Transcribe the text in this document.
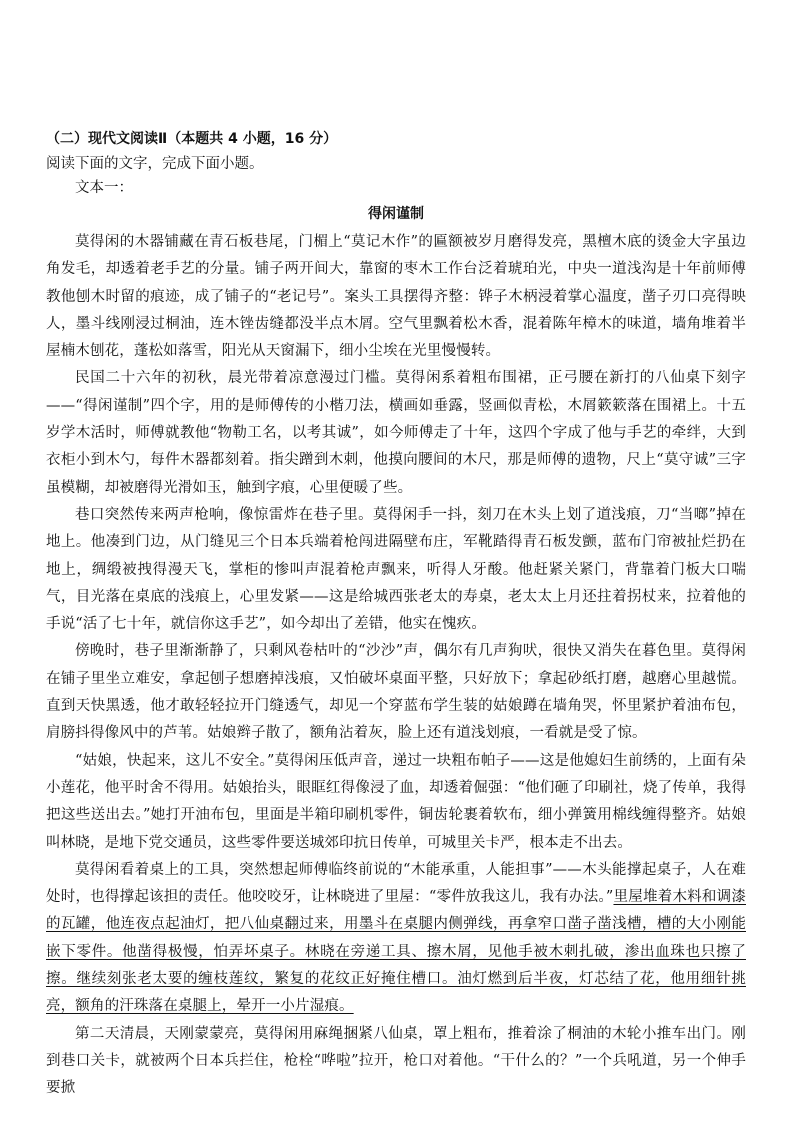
（二）现代文阅读Ⅱ（本题共 4 小题，16 分）

阅读下面的文字，完成下面小题。

文本一：

得闲谨制

莫得闲的木器铺藏在青石板巷尾，门楣上“莫记木作”的匾额被岁月磨得发亮，黑檀木底的烫金大字虽边角发毛，却透着老手艺的分量。铺子两开间大，靠窗的枣木工作台泛着琥珀光，中央一道浅沟是十年前师傅教他刨木时留的痕迹，成了铺子的“老记号”。案头工具摆得齐整：铧子木柄浸着掌心温度，凿子刃口亮得映人，墨斗线刚浸过桐油，连木锉齿缝都没半点木屑。空气里飘着松木香，混着陈年樟木的味道，墙角堆着半屋楠木刨花，蓬松如落雪，阳光从天窗漏下，细小尘埃在光里慢慢转。

民国二十六年的初秋，晨光带着凉意漫过门槛。莫得闲系着粗布围裙，正弓腰在新打的八仙桌下刻字——“得闲谨制”四个字，用的是师傅传的小楷刀法，横画如垂露，竖画似青松，木屑簌簌落在围裙上。十五岁学木活时，师傅就教他“物勒工名，以考其诚”，如今师傅走了十年，这四个字成了他与手艺的牵绊，大到衣柜小到木勺，每件木器都刻着。指尖蹭到木刺，他摸向腰间的木尺，那是师傅的遗物，尺上“莫守诚”三字虽模糊，却被磨得光滑如玉，触到字痕，心里便暖了些。

巷口突然传来两声枪响，像惊雷炸在巷子里。莫得闲手一抖，刻刀在木头上划了道浅痕，刀“当啷”掉在地上。他凑到门边，从门缝见三个日本兵端着枪闯进隔壁布庄，军靴踏得青石板发颤，蓝布门帘被扯烂扔在地上，绸缎被拽得漫天飞，掌柜的惨叫声混着枪声飘来，听得人牙酸。他赶紧关紧门，背靠着门板大口喘气，目光落在桌底的浅痕上，心里发紧——这是给城西张老太的寿桌，老太太上月还拄着拐杖来，拉着他的手说“活了七十年，就信你这手艺”，如今却出了差错，他实在愧疚。

傍晚时，巷子里渐渐静了，只剩风卷枯叶的“沙沙”声，偶尔有几声狗吠，很快又消失在暮色里。莫得闲在铺子里坐立难安，拿起刨子想磨掉浅痕，又怕破坏桌面平整，只好放下；拿起砂纸打磨，越磨心里越慌。直到天快黑透，他才敢轻轻拉开门缝透气，却见一个穿蓝布学生装的姑娘蹲在墙角哭，怀里紧护着油布包，肩膀抖得像风中的芦苇。姑娘辫子散了，额角沾着灰，脸上还有道浅划痕，一看就是受了惊。

“姑娘，快起来，这儿不安全。”莫得闲压低声音，递过一块粗布帕子——这是他媳妇生前绣的，上面有朵小莲花，他平时舍不得用。姑娘抬头，眼眶红得像浸了血，却透着倔强：“他们砸了印刷社，烧了传单，我得把这些送出去。”她打开油布包，里面是半箱印刷机零件，铜齿轮裹着软布，细小弹簧用棉线缠得整齐。姑娘叫林晓，是地下党交通员，这些零件要送城郊印抗日传单，可城里关卡严，根本走不出去。

莫得闲看着桌上的工具，突然想起师傅临终前说的“木能承重，人能担事”——木头能撑起桌子，人在难处时，也得撑起该担的责任。他咬咬牙，让林晓进了里屋：“零件放我这儿，我有办法。”里屋堆着木料和调漆的瓦罐，他连夜点起油灯，把八仙桌翻过来，用墨斗在桌腿内侧弹线，再拿窄口凿子凿浅槽，槽的大小刚能嵌下零件。他凿得极慢，怕弄坏桌子。林晓在旁递工具、擦木屑，见他手被木刺扎破，渗出血珠也只擦了擦。继续刻张老太要的缠枝莲纹，繁复的花纹正好掩住槽口。油灯燃到后半夜，灯芯结了花，他用细针挑亮，额角的汗珠落在桌腿上，晕开一小片湿痕。

第二天清晨，天刚蒙蒙亮，莫得闲用麻绳捆紧八仙桌，罩上粗布，推着涂了桐油的木轮小推车出门。刚到巷口关卡，就被两个日本兵拦住，枪栓“哗啦”拉开，枪口对着他。“干什么的？”一个兵吼道，另一个伸手要掀
